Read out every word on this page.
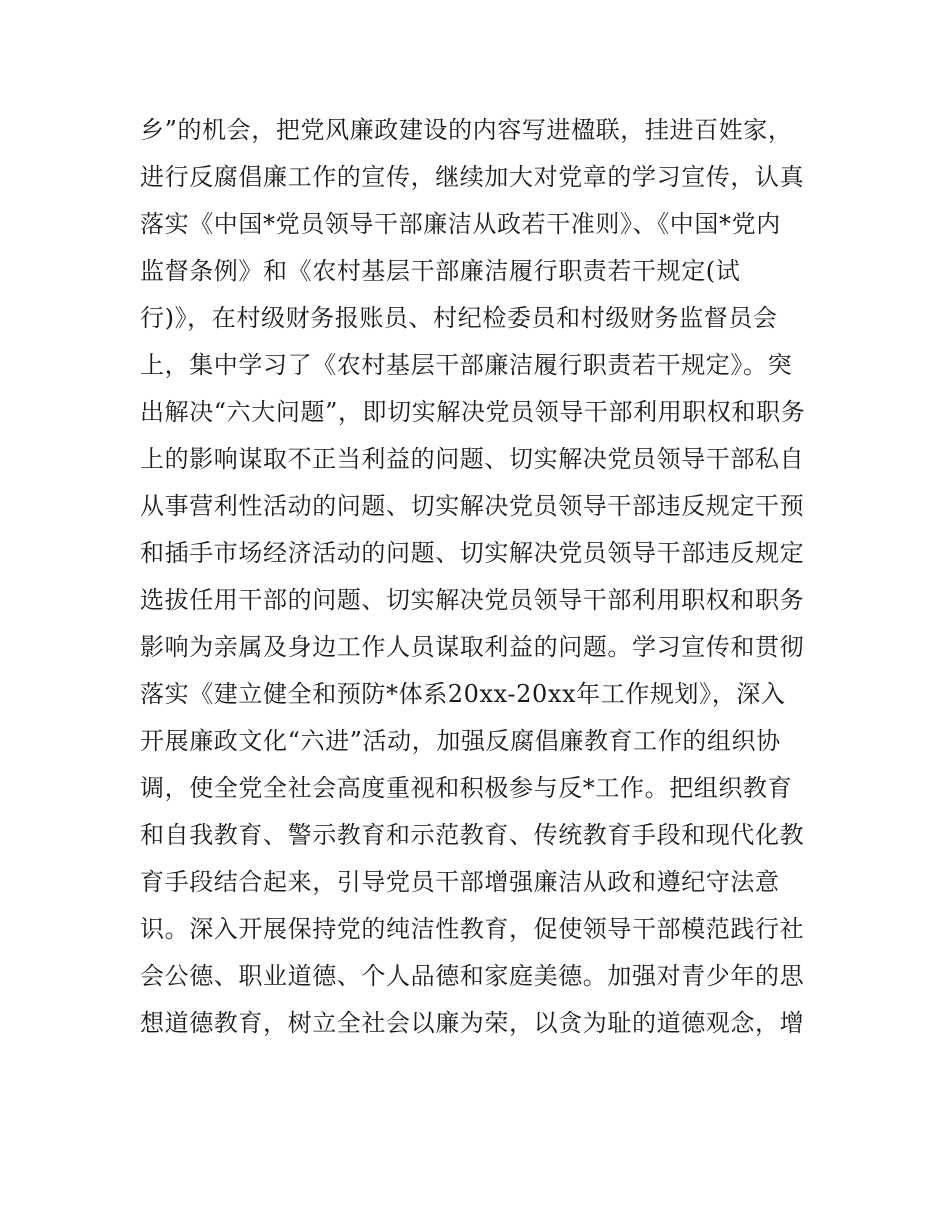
乡”的机会，把党风廉政建设的内容写进楹联，挂进百姓家，
进行反腐倡廉工作的宣传，继续加大对党章的学习宣传，认真
落实《中国*党员领导干部廉洁从政若干准则》、《中国*党内
监督条例》和《农村基层干部廉洁履行职责若干规定(试
行)》，在村级财务报账员、村纪检委员和村级财务监督员会
上，集中学习了《农村基层干部廉洁履行职责若干规定》。突
出解决“六大问题”，即切实解决党员领导干部利用职权和职务
上的影响谋取不正当利益的问题、切实解决党员领导干部私自
从事营利性活动的问题、切实解决党员领导干部违反规定干预
和插手市场经济活动的问题、切实解决党员领导干部违反规定
选拔任用干部的问题、切实解决党员领导干部利用职权和职务
影响为亲属及身边工作人员谋取利益的问题。学习宣传和贯彻
落实《建立健全和预防*体系20xx-20xx年工作规划》，深入
开展廉政文化“六进”活动，加强反腐倡廉教育工作的组织协
调，使全党全社会高度重视和积极参与反*工作。把组织教育
和自我教育、警示教育和示范教育、传统教育手段和现代化教
育手段结合起来，引导党员干部增强廉洁从政和遵纪守法意
识。深入开展保持党的纯洁性教育，促使领导干部模范践行社
会公德、职业道德、个人品德和家庭美德。加强对青少年的思
想道德教育，树立全社会以廉为荣，以贪为耻的道德观念，增
